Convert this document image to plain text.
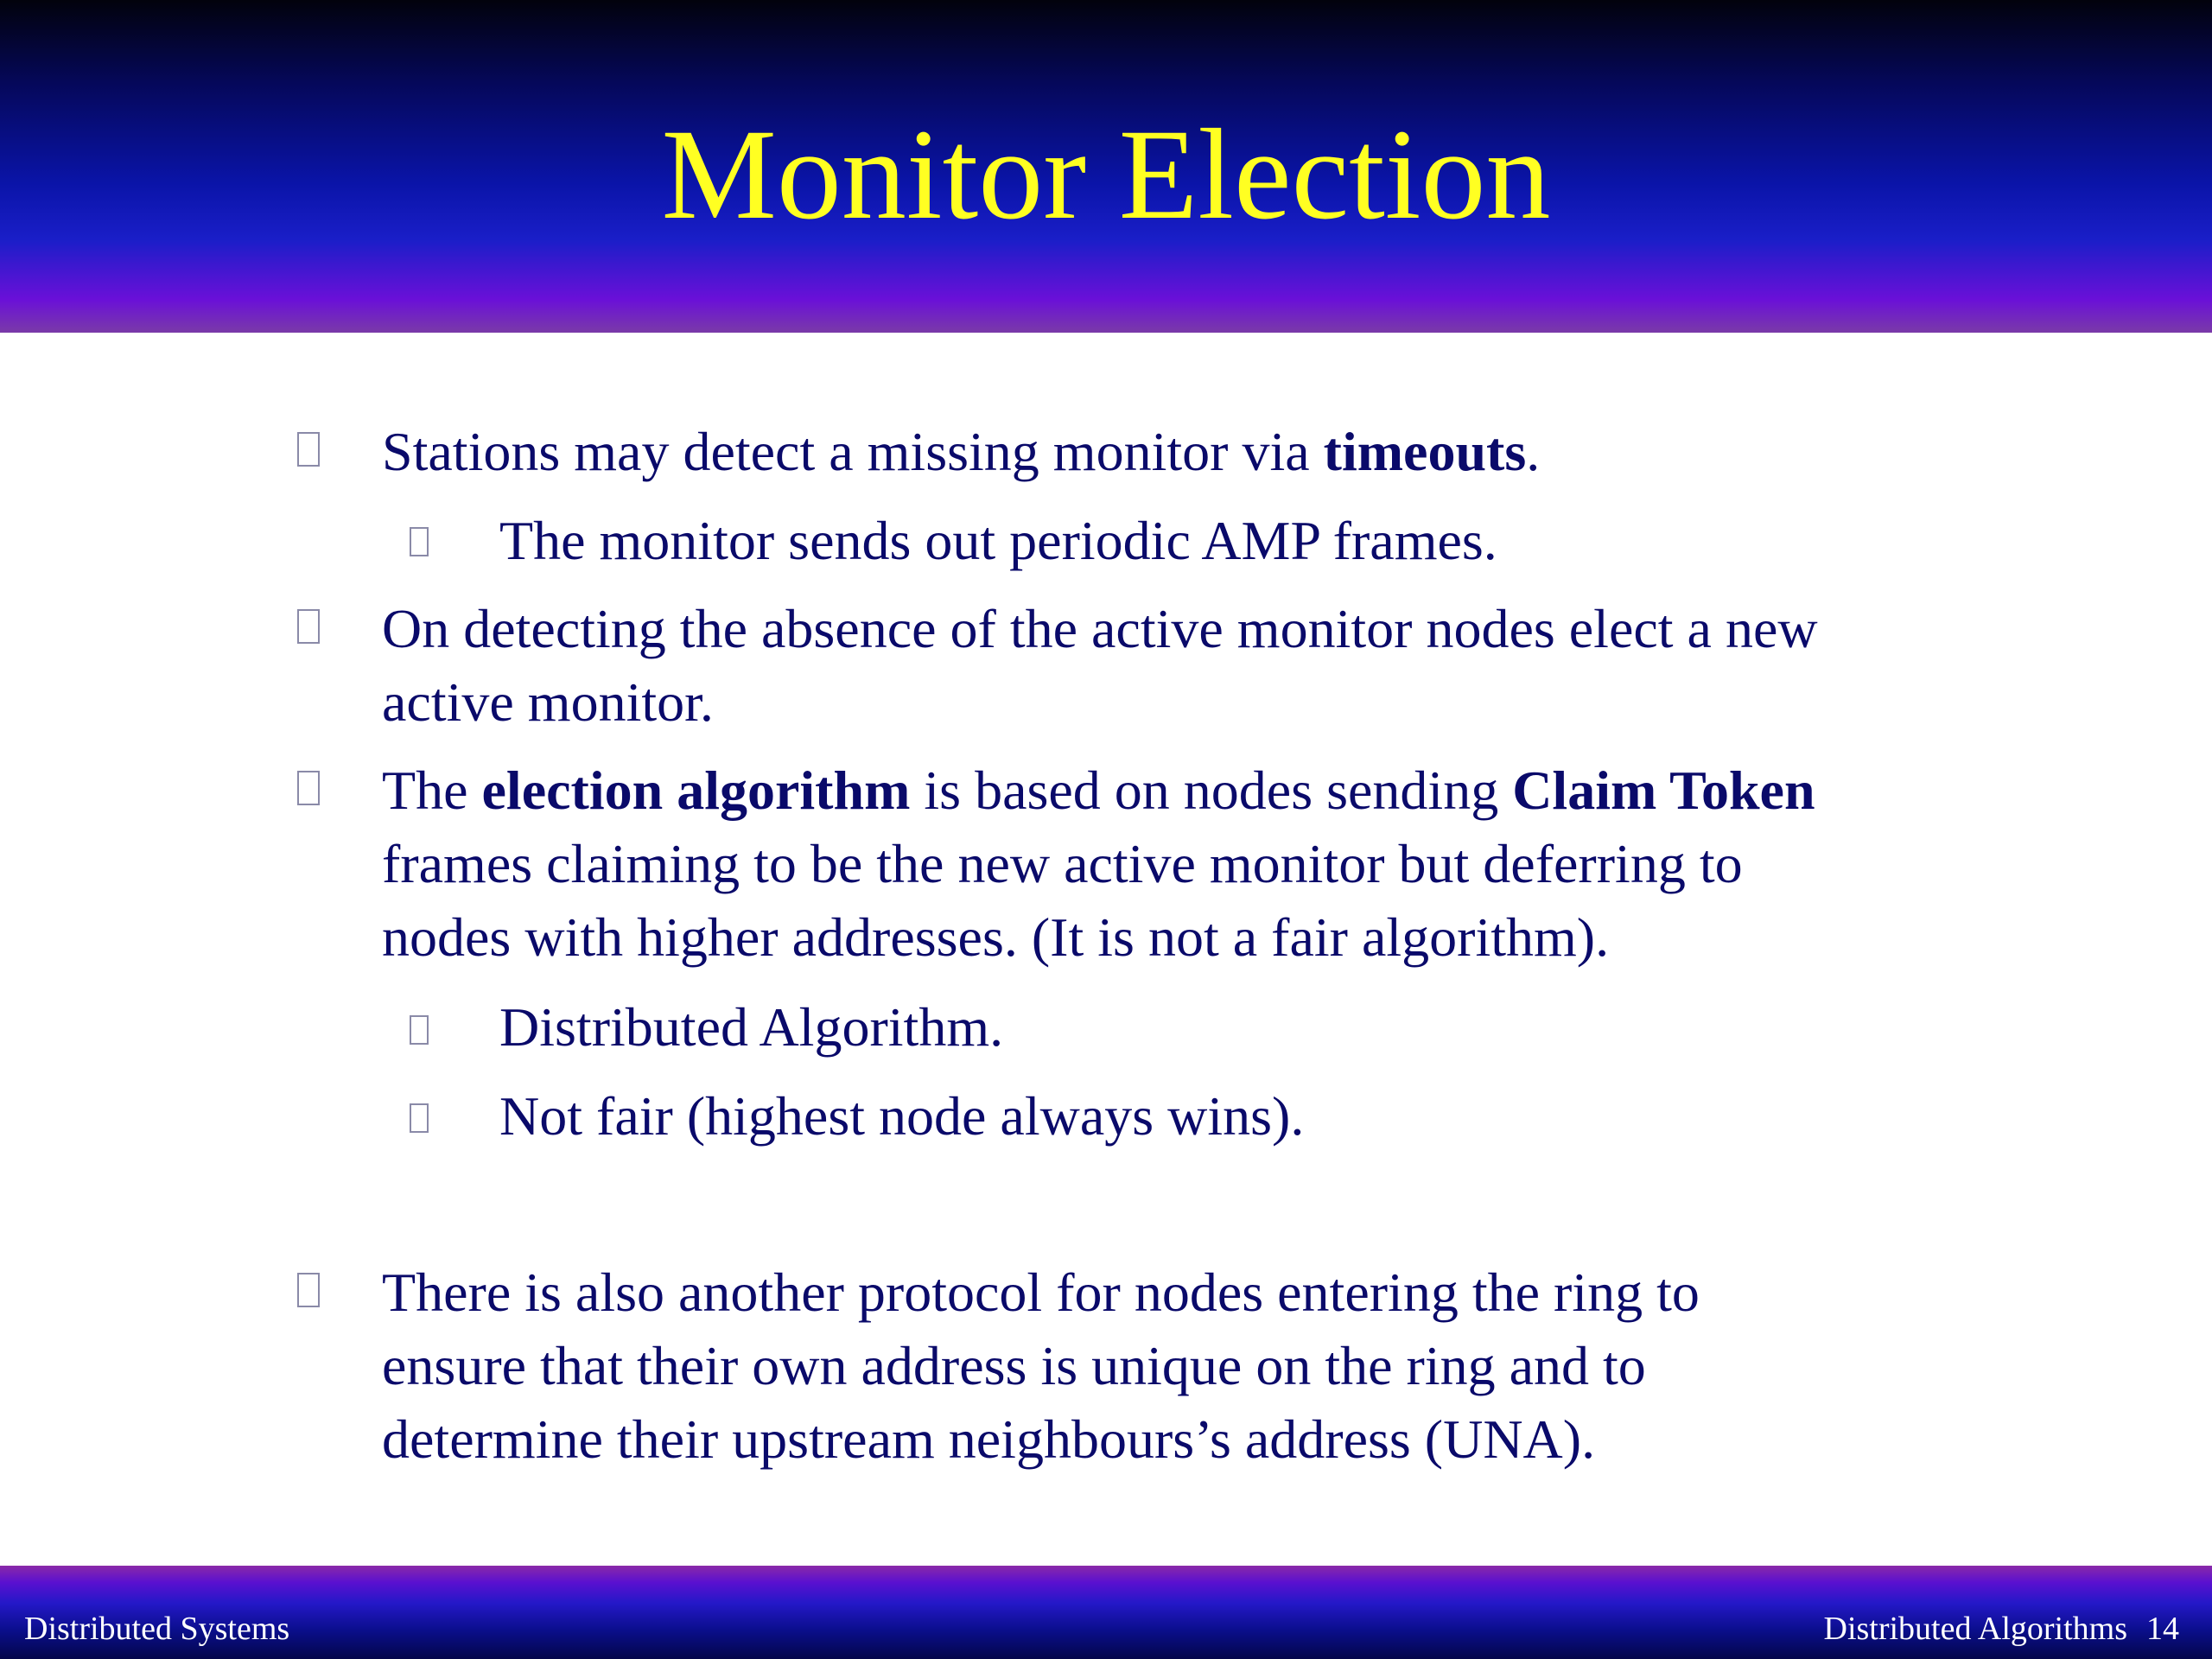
Monitor Election
Stations may detect a missing monitor via timeouts.
The monitor sends out periodic AMP frames.
On detecting the absence of the active monitor nodes elect a new
active monitor.
The election algorithm is based on nodes sending Claim Token
frames claiming to be the new active monitor but deferring to
nodes with higher addresses. (It is not a fair algorithm).
Distributed Algorithm.
Not fair (highest node always wins).
There is also another protocol for nodes entering the ring to
ensure that their own address is unique on the ring and to
determine their upstream neighbours’s address (UNA).
Distributed Systems	Distributed Algorithms 14
